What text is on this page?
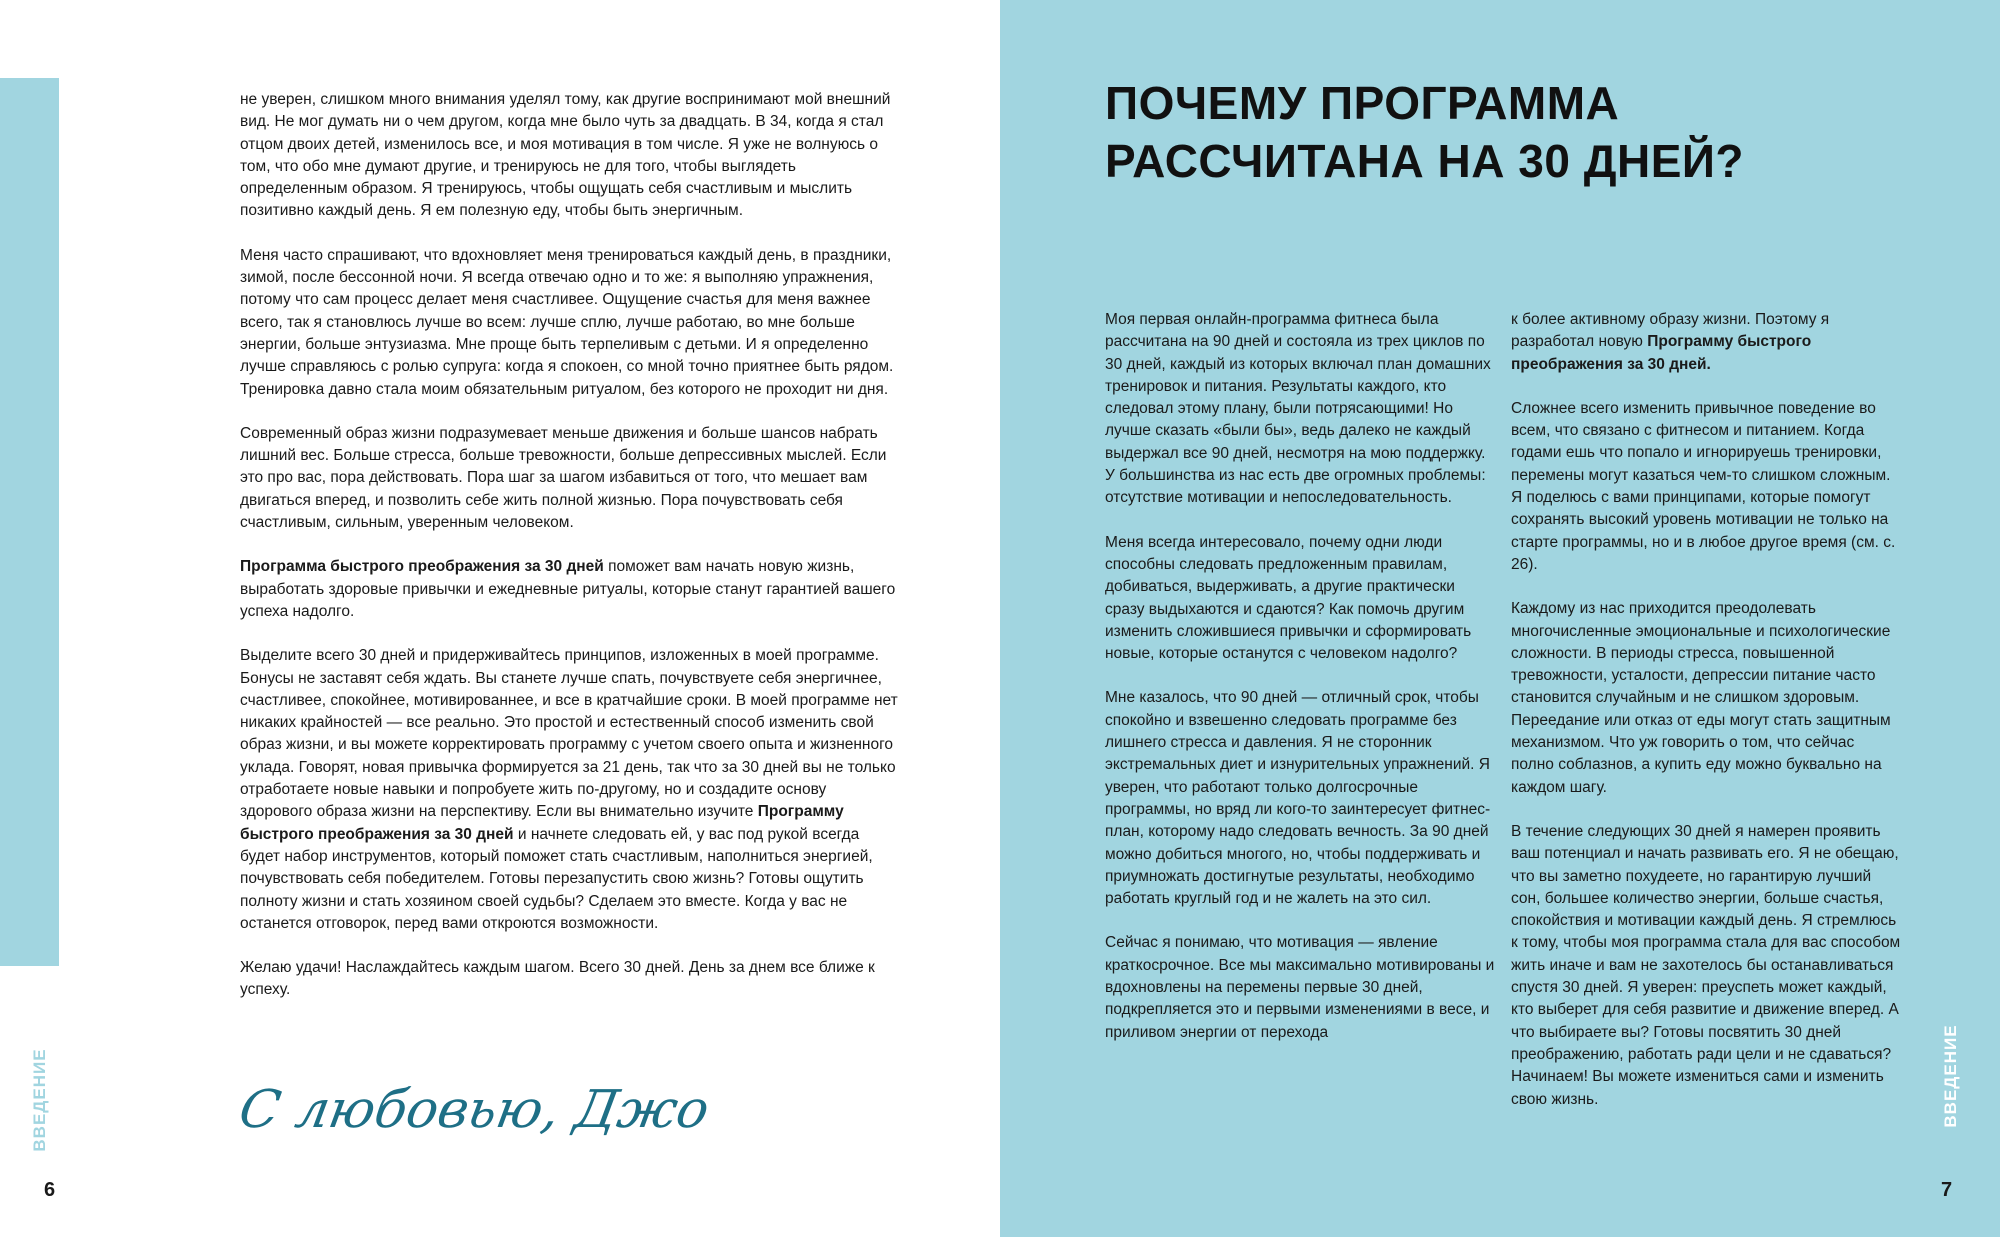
ВВЕДЕНИЕ	ВВЕДЕНИЕ
6	7

не уверен, слишком много внимания уделял тому, как другие воспринимают мой внешний вид. Не мог думать ни о чем другом, когда мне было чуть за двадцать. В 34, когда я стал отцом двоих детей, изменилось все, и моя мотивация в том числе. Я уже не волнуюсь о том, что обо мне думают другие, и тренируюсь не для того, чтобы выглядеть определенным образом. Я тренируюсь, чтобы ощущать себя счастливым и мыслить позитивно каждый день. Я ем полезную еду, чтобы быть энергичным.

Меня часто спрашивают, что вдохновляет меня тренироваться каждый день, в праздники, зимой, после бессонной ночи. Я всегда отвечаю одно и то же: я выполняю упражнения, потому что сам процесс делает меня счастливее. Ощущение счастья для меня важнее всего, так я становлюсь лучше во всем: лучше сплю, лучше работаю, во мне больше энергии, больше энтузиазма. Мне проще быть терпеливым с детьми. И я определенно лучше справляюсь с ролью супруга: когда я спокоен, со мной точно приятнее быть рядом. Тренировка давно стала моим обязательным ритуалом, без которого не проходит ни дня.

Современный образ жизни подразумевает меньше движения и больше шансов набрать лишний вес. Больше стресса, больше тревожности, больше депрессивных мыслей. Если это про вас, пора действовать. Пора шаг за шагом избавиться от того, что мешает вам двигаться вперед, и позволить себе жить полной жизнью. Пора почувствовать себя счастливым, сильным, уверенным человеком.

Программа быстрого преображения за 30 дней поможет вам начать новую жизнь, выработать здоровые привычки и ежедневные ритуалы, которые станут гарантией вашего успеха надолго.

Выделите всего 30 дней и придерживайтесь принципов, изложенных в моей программе. Бонусы не заставят себя ждать. Вы станете лучше спать, почувствуете себя энергичнее, счастливее, спокойнее, мотивированнее, и все в кратчайшие сроки. В моей программе нет никаких крайностей — все реально. Это простой и естественный способ изменить свой образ жизни, и вы можете корректировать программу с учетом своего опыта и жизненного уклада. Говорят, новая привычка формируется за 21 день, так что за 30 дней вы не только отработаете новые навыки и попробуете жить по-другому, но и создадите основу здорового образа жизни на перспективу. Если вы внимательно изучите Программу быстрого преображения за 30 дней и начнете следовать ей, у вас под рукой всегда будет набор инструментов, который поможет стать счастливым, наполниться энергией, почувствовать себя победителем. Готовы перезапустить свою жизнь? Готовы ощутить полноту жизни и стать хозяином своей судьбы? Сделаем это вместе. Когда у вас не останется отговорок, перед вами откроются возможности.

Желаю удачи! Наслаждайтесь каждым шагом. Всего 30 дней. День за днем все ближе к успеху.

С любовью, Джо
ПОЧЕМУ ПРОГРАММА
РАССЧИТАНА НА 30 ДНЕЙ?

Моя первая онлайн-программа фитнеса была рассчитана на 90 дней и состояла из трех циклов по 30 дней, каждый из которых включал план домашних тренировок и питания. Результаты каждого, кто следовал этому плану, были потрясающими! Но лучше сказать «были бы», ведь далеко не каждый выдержал все 90 дней, несмотря на мою поддержку. У большинства из нас есть две огромных проблемы: отсутствие мотивации и непоследовательность.

Меня всегда интересовало, почему одни люди способны следовать предложенным правилам, добиваться, выдерживать, а другие практически сразу выдыхаются и сдаются? Как помочь другим изменить сложившиеся привычки и сформировать новые, которые останутся с человеком надолго?

Мне казалось, что 90 дней — отличный срок, чтобы спокойно и взвешенно следовать программе без лишнего стресса и давления. Я не сторонник экстремальных диет и изнурительных упражнений. Я уверен, что работают только долгосрочные программы, но вряд ли кого-то заинтересует фитнес-план, которому надо следовать вечность. За 90 дней можно добиться многого, но, чтобы поддерживать и приумножать достигнутые результаты, необходимо работать круглый год и не жалеть на это сил.

Сейчас я понимаю, что мотивация — явление краткосрочное. Все мы максимально мотивированы и вдохновлены на перемены первые 30 дней, подкрепляется это и первыми изменениями в весе, и приливом энергии от перехода

к более активному образу жизни. Поэтому я разработал новую Программу быстрого преображения за 30 дней.

Сложнее всего изменить привычное поведение во всем, что связано с фитнесом и питанием. Когда годами ешь что попало и игнорируешь тренировки, перемены могут казаться чем-то слишком сложным. Я поделюсь с вами принципами, которые помогут сохранять высокий уровень мотивации не только на старте программы, но и в любое другое время (см. с. 26).

Каждому из нас приходится преодолевать многочисленные эмоциональные и психологические сложности. В периоды стресса, повышенной тревожности, усталости, депрессии питание часто становится случайным и не слишком здоровым. Переедание или отказ от еды могут стать защитным механизмом. Что уж говорить о том, что сейчас полно соблазнов, а купить еду можно буквально на каждом шагу.

В течение следующих 30 дней я намерен проявить ваш потенциал и начать развивать его. Я не обещаю, что вы заметно похудеете, но гарантирую лучший сон, большее количество энергии, больше счастья, спокойствия и мотивации каждый день. Я стремлюсь к тому, чтобы моя программа стала для вас способом жить иначе и вам не захотелось бы останавливаться спустя 30 дней. Я уверен: преуспеть может каждый, кто выберет для себя развитие и движение вперед. А что выбираете вы? Готовы посвятить 30 дней преображению, работать ради цели и не сдаваться? Начинаем! Вы можете измениться сами и изменить свою жизнь.
